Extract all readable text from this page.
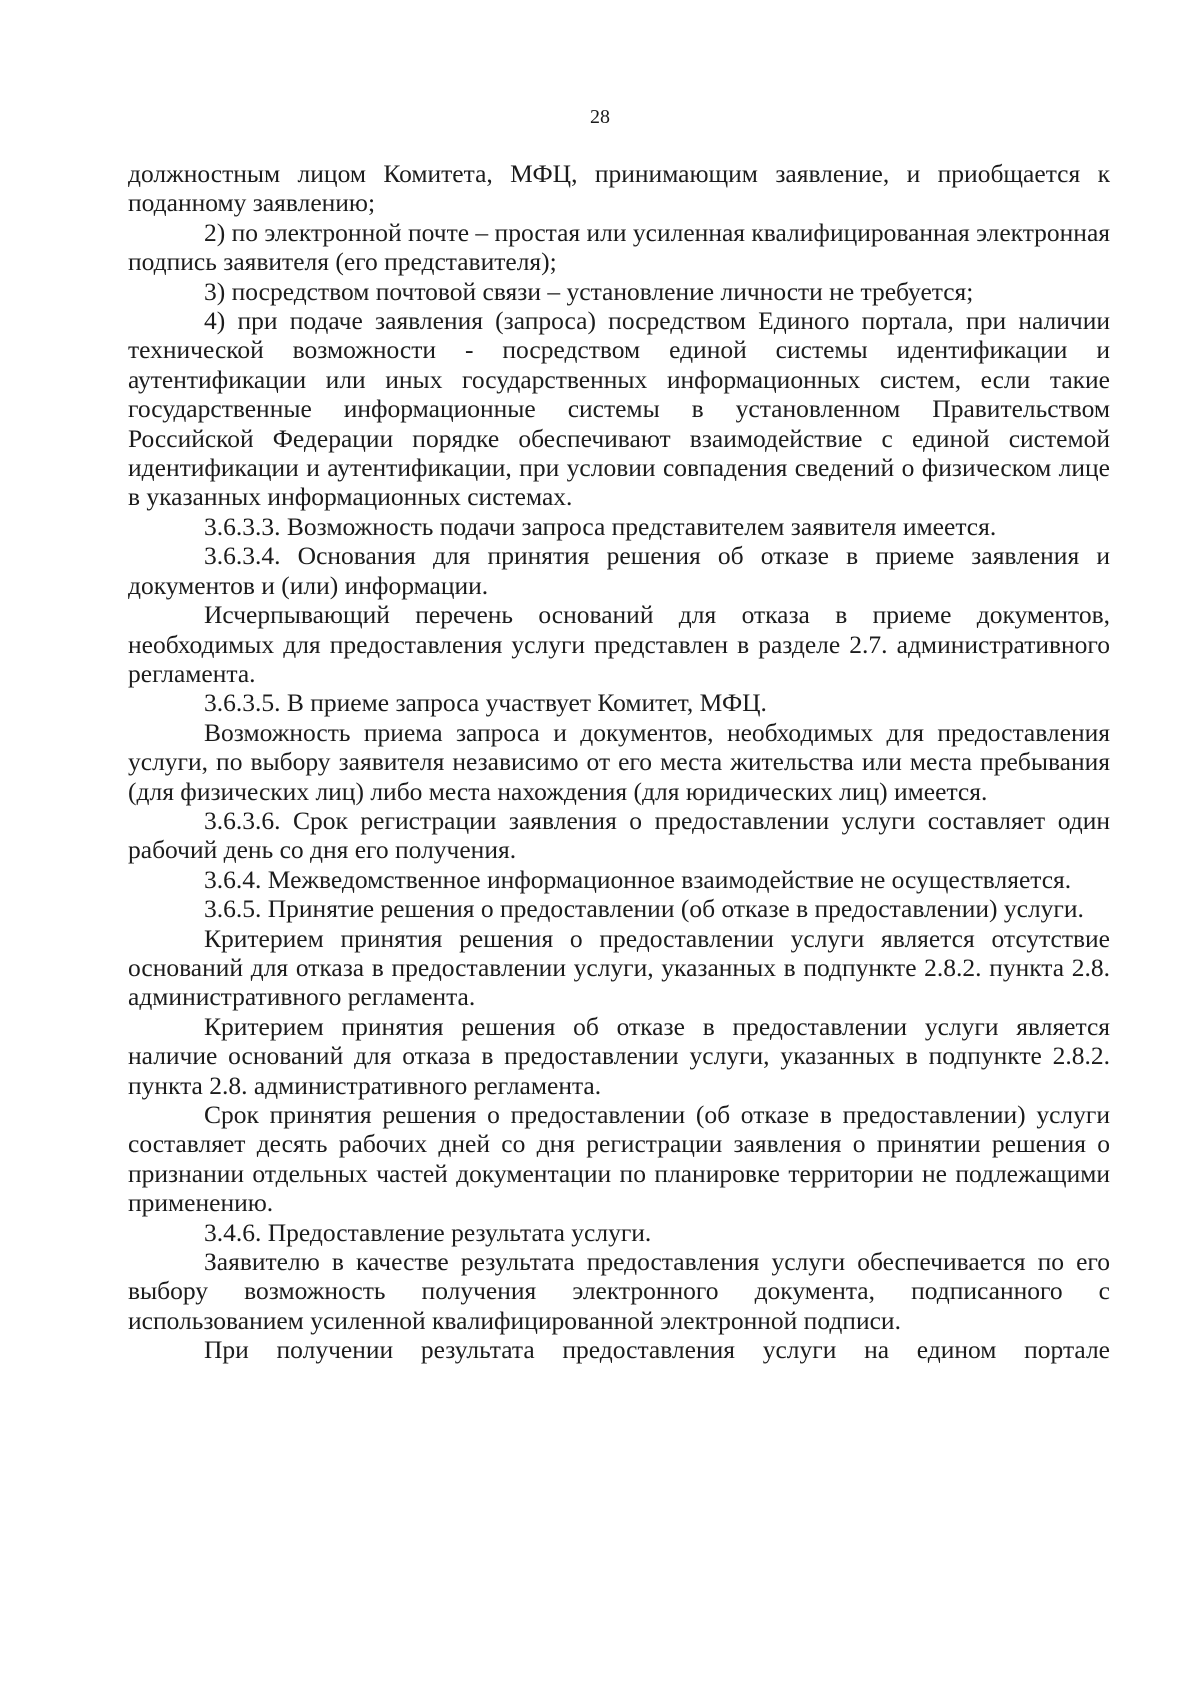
28

должностным лицом Комитета, МФЦ, принимающим заявление, и приобщается к поданному заявлению;

2) по электронной почте – простая или усиленная квалифицированная электронная подпись заявителя (его представителя);

3) посредством почтовой связи – установление личности не требуется;

4) при подаче заявления (запроса) посредством Единого портала, при наличии технической возможности - посредством единой системы идентификации и аутентификации или иных государственных информационных систем, если такие государственные информационные системы в установленном Правительством Российской Федерации порядке обеспечивают взаимодействие с единой системой идентификации и аутентификации, при условии совпадения сведений о физическом лице в указанных информационных системах.

3.6.3.3. Возможность подачи запроса представителем заявителя имеется.

3.6.3.4. Основания для принятия решения об отказе в приеме заявления и документов и (или) информации.

Исчерпывающий перечень оснований для отказа в приеме документов, необходимых для предоставления услуги представлен в разделе 2.7. административного регламента.

3.6.3.5. В приеме запроса участвует Комитет, МФЦ.

Возможность приема запроса и документов, необходимых для предоставления услуги, по выбору заявителя независимо от его места жительства или места пребывания (для физических лиц) либо места нахождения (для юридических лиц) имеется.

3.6.3.6. Срок регистрации заявления о предоставлении услуги составляет один рабочий день со дня его получения.

3.6.4. Межведомственное информационное взаимодействие не осуществляется.

3.6.5. Принятие решения о предоставлении (об отказе в предоставлении) услуги.

Критерием принятия решения о предоставлении услуги является отсутствие оснований для отказа в предоставлении услуги, указанных в подпункте 2.8.2. пункта 2.8. административного регламента.

Критерием принятия решения об отказе в предоставлении услуги является наличие оснований для отказа в предоставлении услуги, указанных в подпункте 2.8.2. пункта 2.8. административного регламента.

Срок принятия решения о предоставлении (об отказе в предоставлении) услуги составляет десять рабочих дней со дня регистрации заявления о принятии решения о признании отдельных частей документации по планировке территории не подлежащими применению.

3.4.6. Предоставление результата услуги.

Заявителю в качестве результата предоставления услуги обеспечивается по его выбору возможность получения электронного документа, подписанного с использованием усиленной квалифицированной электронной подписи.

При получении результата предоставления услуги на едином портале
